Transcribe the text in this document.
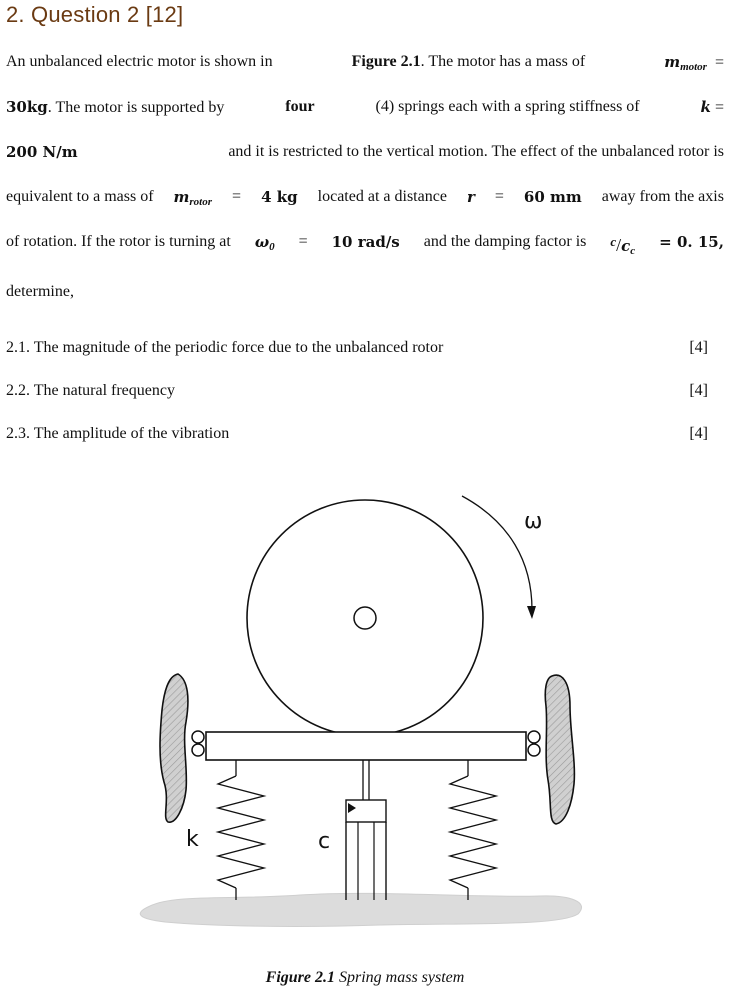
2. Question 2 [12]
An unbalanced electric motor is shown in	Figure 2.1. The motor has a mass of	$m_{motor}$ =
30kg. The motor is supported by	four	(4) springs each with a spring stiffness of	k =
200 N/m	and it is restricted to the vertical motion. The effect of the unbalanced rotor is
equivalent to a mass of $m_{rotor} = 4$ kg located at a distance r = 60 mm away from the axis
of rotation. If the rotor is turning at $\omega_0 = 10$ rad/s and the damping factor is $^c/c_c = 0$. 15,
determine,
2.1. The magnitude of the periodic force due to the unbalanced rotor	[4]
2.2. The natural frequency	[4]
2.3. The amplitude of the vibration	[4]
ω
k	c
Figure 2.1 Spring mass system
